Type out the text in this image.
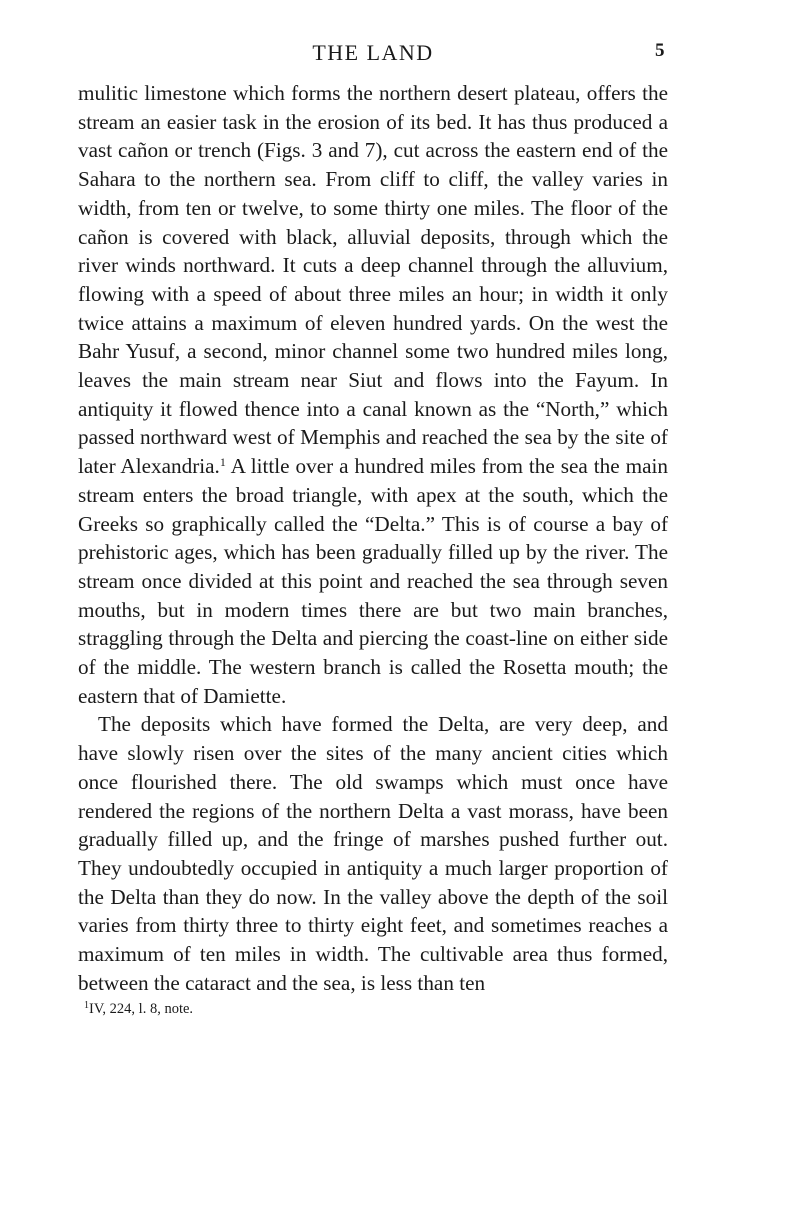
THE LAND	5

mulitic limestone which forms the northern desert plateau, offers the stream an easier task in the erosion of its bed. It has thus produced a vast cañon or trench (Figs. 3 and 7), cut across the eastern end of the Sahara to the northern sea. From cliff to cliff, the valley varies in width, from ten or twelve, to some thirty one miles. The floor of the cañon is covered with black, alluvial deposits, through which the river winds northward. It cuts a deep channel through the alluvium, flowing with a speed of about three miles an hour; in width it only twice attains a maximum of eleven hundred yards. On the west the Bahr Yusuf, a second, minor channel some two hundred miles long, leaves the main stream near Siut and flows into the Fayum. In antiquity it flowed thence into a canal known as the “North,” which passed northward west of Memphis and reached the sea by the site of later Alexandria.$^1$ A little over a hundred miles from the sea the main stream enters the broad triangle, with apex at the south, which the Greeks so graphically called the “Delta.” This is of course a bay of prehistoric ages, which has been gradually filled up by the river. The stream once divided at this point and reached the sea through seven mouths, but in modern times there are but two main branches, straggling through the Delta and piercing the coast-line on either side of the middle. The western branch is called the Rosetta mouth; the eastern that of Damiette.

The deposits which have formed the Delta, are very deep, and have slowly risen over the sites of the many ancient cities which once flourished there. The old swamps which must once have rendered the regions of the northern Delta a vast morass, have been gradually filled up, and the fringe of marshes pushed further out. They undoubtedly occupied in antiquity a much larger proportion of the Delta than they do now. In the valley above the depth of the soil varies from thirty three to thirty eight feet, and sometimes reaches a maximum of ten miles in width. The cultivable area thus formed, between the cataract and the sea, is less than ten

$^1$IV, 224, l. 8, note.
